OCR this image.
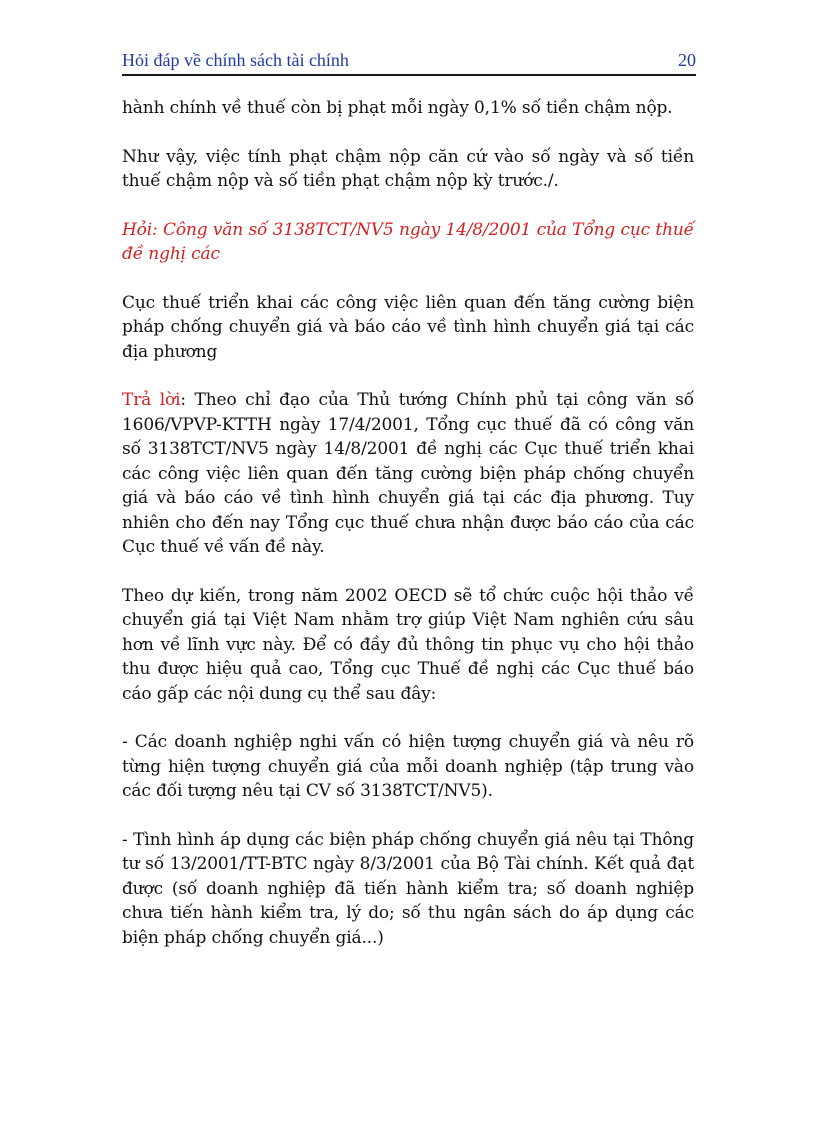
Hỏi đáp về chính sách tài chính	20

hành chính về thuế còn bị phạt mỗi ngày 0,1% số tiền chậm nộp.

Như vậy, việc tính phạt chậm nộp căn cứ vào số ngày và số tiền thuế chậm nộp và số tiền phạt chậm nộp kỳ trước./.

Hỏi: Công văn số 3138TCT/NV5 ngày 14/8/2001 của Tổng cục thuế đề nghị các

Cục thuế triển khai các công việc liên quan đến tăng cường biện pháp chống chuyển giá và báo cáo về tình hình chuyển giá tại các địa phương

Trả lời: Theo chỉ đạo của Thủ tướng Chính phủ tại công văn số 1606/VPVP-KTTH ngày 17/4/2001, Tổng cục thuế đã có công văn số 3138TCT/NV5 ngày 14/8/2001 đề nghị các Cục thuế triển khai các công việc liên quan đến tăng cường biện pháp chống chuyển giá và báo cáo về tình hình chuyển giá tại các địa phương. Tuy nhiên cho đến nay Tổng cục thuế chưa nhận được báo cáo của các Cục thuế về vấn đề này.

Theo dự kiến, trong năm 2002 OECD sẽ tổ chức cuộc hội thảo về chuyển giá tại Việt Nam nhằm trợ giúp Việt Nam nghiên cứu sâu hơn về lĩnh vực này. Để có đầy đủ thông tin phục vụ cho hội thảo thu được hiệu quả cao, Tổng cục Thuế đề nghị các Cục thuế báo cáo gấp các nội dung cụ thể sau đây:

- Các doanh nghiệp nghi vấn có hiện tượng chuyển giá và nêu rõ từng hiện tượng chuyển giá của mỗi doanh nghiệp (tập trung vào các đối tượng nêu tại CV số 3138TCT/NV5).

- Tình hình áp dụng các biện pháp chống chuyển giá nêu tại Thông tư số 13/2001/TT-BTC ngày 8/3/2001 của Bộ Tài chính. Kết quả đạt được (số doanh nghiệp đã tiến hành kiểm tra; số doanh nghiệp chưa tiến hành kiểm tra, lý do; số thu ngân sách do áp dụng các biện pháp chống chuyển giá...)
